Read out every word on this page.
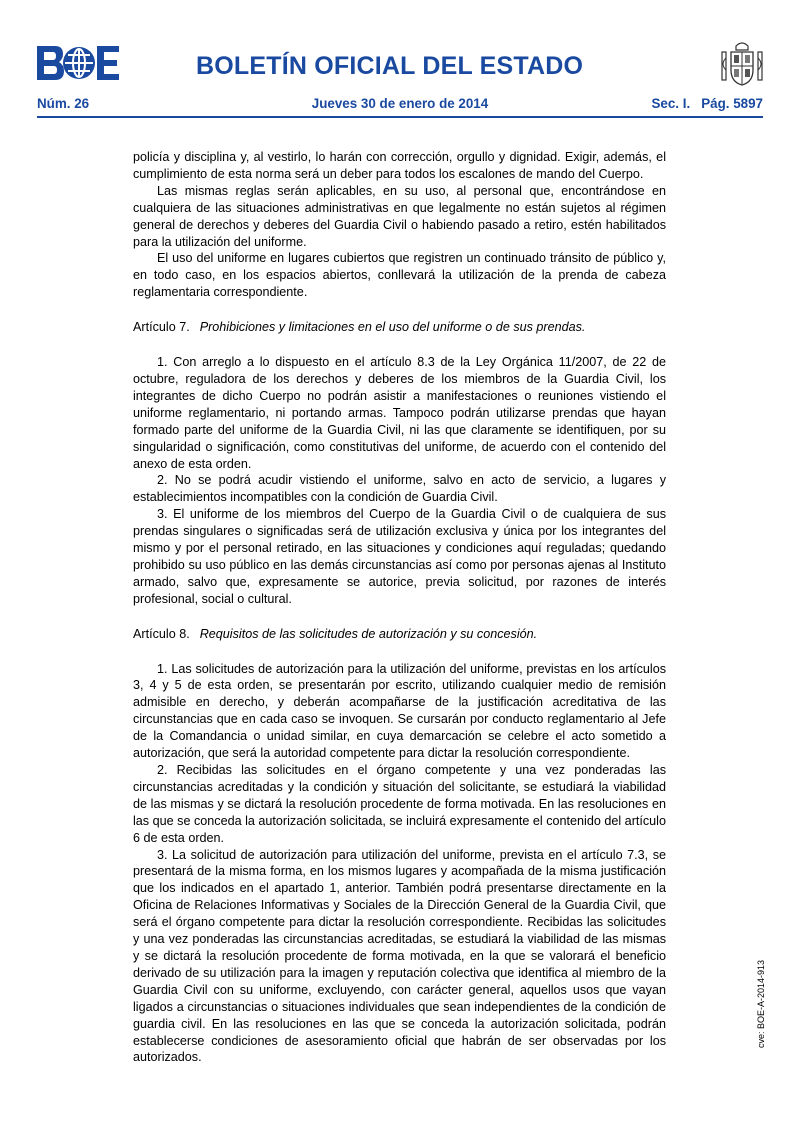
BOLETÍN OFICIAL DEL ESTADO
Núm. 26	Jueves 30 de enero de 2014	Sec. I. Pág. 5897

policía y disciplina y, al vestirlo, lo harán con corrección, orgullo y dignidad. Exigir, además, el cumplimiento de esta norma será un deber para todos los escalones de mando del Cuerpo.

Las mismas reglas serán aplicables, en su uso, al personal que, encontrándose en cualquiera de las situaciones administrativas en que legalmente no están sujetos al régimen general de derechos y deberes del Guardia Civil o habiendo pasado a retiro, estén habilitados para la utilización del uniforme.

El uso del uniforme en lugares cubiertos que registren un continuado tránsito de público y, en todo caso, en los espacios abiertos, conllevará la utilización de la prenda de cabeza reglamentaria correspondiente.

Artículo 7. Prohibiciones y limitaciones en el uso del uniforme o de sus prendas.

1. Con arreglo a lo dispuesto en el artículo 8.3 de la Ley Orgánica 11/2007, de 22 de octubre, reguladora de los derechos y deberes de los miembros de la Guardia Civil, los integrantes de dicho Cuerpo no podrán asistir a manifestaciones o reuniones vistiendo el uniforme reglamentario, ni portando armas. Tampoco podrán utilizarse prendas que hayan formado parte del uniforme de la Guardia Civil, ni las que claramente se identifiquen, por su singularidad o significación, como constitutivas del uniforme, de acuerdo con el contenido del anexo de esta orden.

2. No se podrá acudir vistiendo el uniforme, salvo en acto de servicio, a lugares y establecimientos incompatibles con la condición de Guardia Civil.

3. El uniforme de los miembros del Cuerpo de la Guardia Civil o de cualquiera de sus prendas singulares o significadas será de utilización exclusiva y única por los integrantes del mismo y por el personal retirado, en las situaciones y condiciones aquí reguladas; quedando prohibido su uso público en las demás circunstancias así como por personas ajenas al Instituto armado, salvo que, expresamente se autorice, previa solicitud, por razones de interés profesional, social o cultural.

Artículo 8. Requisitos de las solicitudes de autorización y su concesión.

1. Las solicitudes de autorización para la utilización del uniforme, previstas en los artículos 3, 4 y 5 de esta orden, se presentarán por escrito, utilizando cualquier medio de remisión admisible en derecho, y deberán acompañarse de la justificación acreditativa de las circunstancias que en cada caso se invoquen. Se cursarán por conducto reglamentario al Jefe de la Comandancia o unidad similar, en cuya demarcación se celebre el acto sometido a autorización, que será la autoridad competente para dictar la resolución correspondiente.

2. Recibidas las solicitudes en el órgano competente y una vez ponderadas las circunstancias acreditadas y la condición y situación del solicitante, se estudiará la viabilidad de las mismas y se dictará la resolución procedente de forma motivada. En las resoluciones en las que se conceda la autorización solicitada, se incluirá expresamente el contenido del artículo 6 de esta orden.

3. La solicitud de autorización para utilización del uniforme, prevista en el artículo 7.3, se presentará de la misma forma, en los mismos lugares y acompañada de la misma justificación que los indicados en el apartado 1, anterior. También podrá presentarse directamente en la Oficina de Relaciones Informativas y Sociales de la Dirección General de la Guardia Civil, que será el órgano competente para dictar la resolución correspondiente. Recibidas las solicitudes y una vez ponderadas las circunstancias acreditadas, se estudiará la viabilidad de las mismas y se dictará la resolución procedente de forma motivada, en la que se valorará el beneficio derivado de su utilización para la imagen y reputación colectiva que identifica al miembro de la Guardia Civil con su uniforme, excluyendo, con carácter general, aquellos usos que vayan ligados a circunstancias o situaciones individuales que sean independientes de la condición de guardia civil. En las resoluciones en las que se conceda la autorización solicitada, podrán establecerse condiciones de asesoramiento oficial que habrán de ser observadas por los autorizados.

cve: BOE-A-2014-913
